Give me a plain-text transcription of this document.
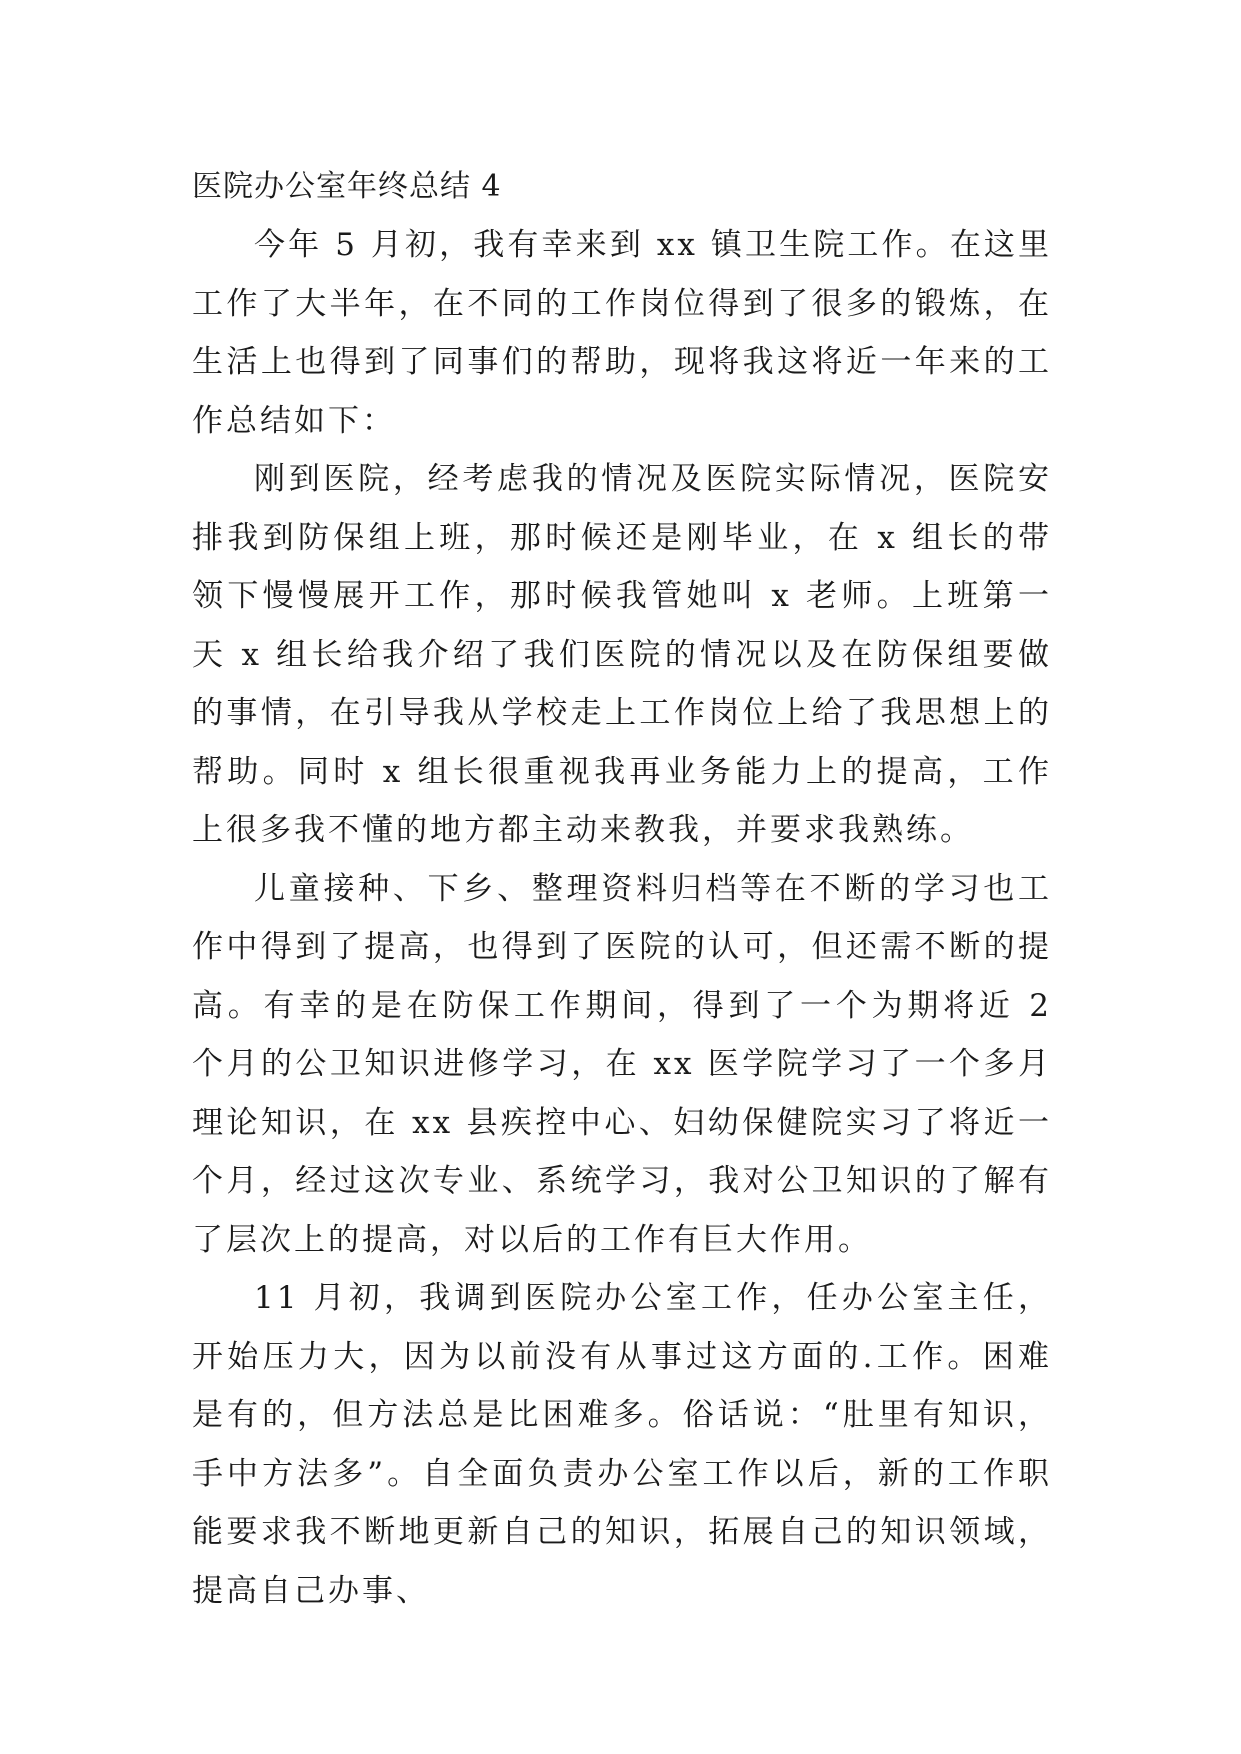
医院办公室年终总结 4

今年 5 月初，我有幸来到 xx 镇卫生院工作。在这里工作了大半年，在不同的工作岗位得到了很多的锻炼，在生活上也得到了同事们的帮助，现将我这将近一年来的工作总结如下：

刚到医院，经考虑我的情况及医院实际情况，医院安排我到防保组上班，那时候还是刚毕业，在 x 组长的带领下慢慢展开工作，那时候我管她叫 x 老师。上班第一天 x 组长给我介绍了我们医院的情况以及在防保组要做的事情，在引导我从学校走上工作岗位上给了我思想上的帮助。同时 x 组长很重视我再业务能力上的提高，工作上很多我不懂的地方都主动来教我，并要求我熟练。

儿童接种、下乡、整理资料归档等在不断的学习也工作中得到了提高，也得到了医院的认可，但还需不断的提高。有幸的是在防保工作期间，得到了一个为期将近 2 个月的公卫知识进修学习，在 xx 医学院学习了一个多月理论知识，在 xx 县疾控中心、妇幼保健院实习了将近一个月，经过这次专业、系统学习，我对公卫知识的了解有了层次上的提高，对以后的工作有巨大作用。

11 月初，我调到医院办公室工作，任办公室主任，开始压力大，因为以前没有从事过这方面的.工作。困难是有的，但方法总是比困难多。俗话说：“肚里有知识，手中方法多”。自全面负责办公室工作以后，新的工作职能要求我不断地更新自己的知识，拓展自己的知识领域，提高自己办事、
